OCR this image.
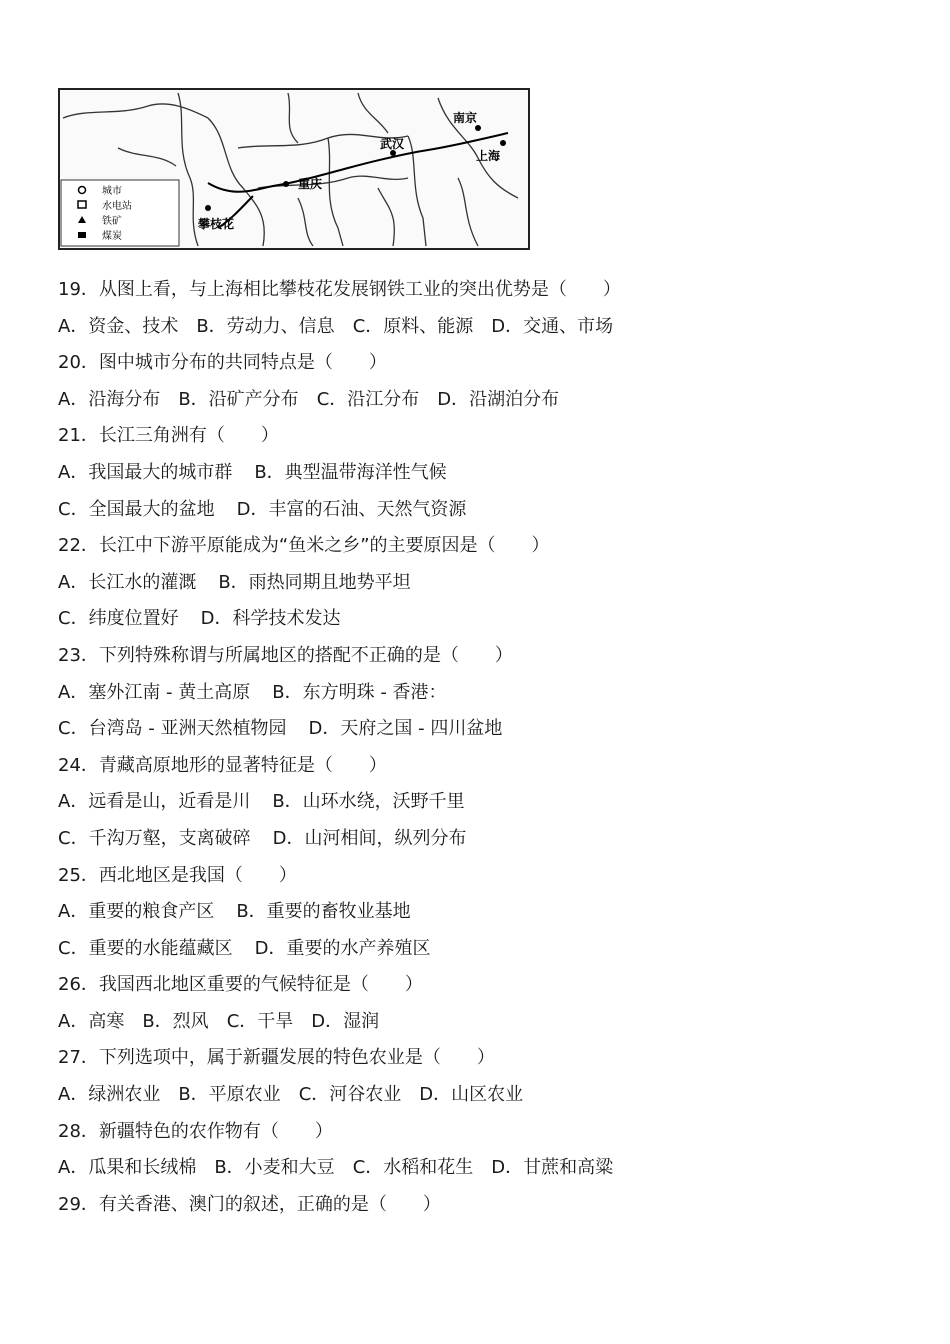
城市
水电站
铁矿
煤炭
南京
上海
武汉
重庆
攀枝花
19．从图上看，与上海相比攀枝花发展钢铁工业的突出优势是（　　）
A．资金、技术 B．劳动力、信息 C．原料、能源 D．交通、市场
20．图中城市分布的共同特点是（　　）
A．沿海分布 B．沿矿产分布 C．沿江分布 D．沿湖泊分布
21．长江三角洲有（　　）
A．我国最大的城市群 B．典型温带海洋性气候
C．全国最大的盆地 D．丰富的石油、天然气资源
22．长江中下游平原能成为“鱼米之乡”的主要原因是（　　）
A．长江水的灌溉 B．雨热同期且地势平坦
C．纬度位置好 D．科学技术发达
23．下列特殊称谓与所属地区的搭配不正确的是（　　）
A．塞外江南 - 黄土高原 B．东方明珠 - 香港：
C．台湾岛 - 亚洲天然植物园 D．天府之国 - 四川盆地
24．青藏高原地形的显著特征是（　　）
A．远看是山，近看是川 B．山环水绕，沃野千里
C．千沟万壑，支离破碎 D．山河相间，纵列分布
25．西北地区是我国（　　）
A．重要的粮食产区 B．重要的畜牧业基地
C．重要的水能蕴藏区 D．重要的水产养殖区
26．我国西北地区重要的气候特征是（　　）
A．高寒 B．烈风 C．干旱 D．湿润
27．下列选项中，属于新疆发展的特色农业是（　　）
A．绿洲农业 B．平原农业 C．河谷农业 D．山区农业
28．新疆特色的农作物有（　　）
A．瓜果和长绒棉 B．小麦和大豆 C．水稻和花生 D．甘蔗和高粱
29．有关香港、澳门的叙述，正确的是（　　）
